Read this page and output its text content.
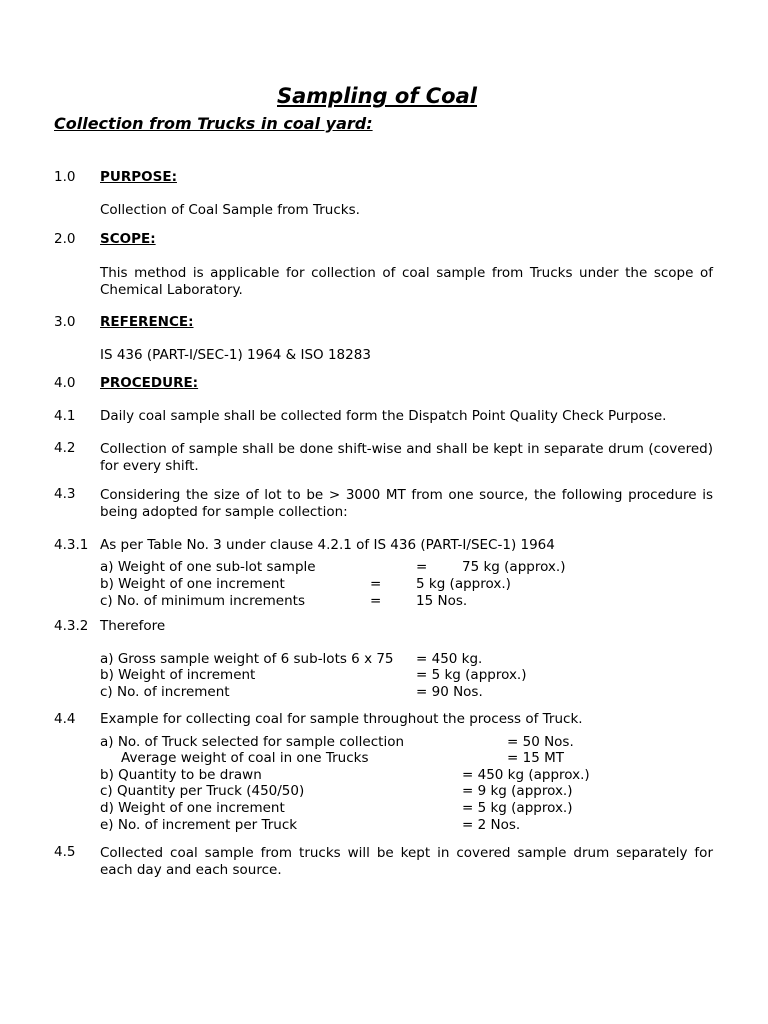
Sampling of Coal
Collection from Trucks in coal yard:
1.0 PURPOSE:
Collection of Coal Sample from Trucks.
2.0 SCOPE:
This method is applicable for collection of coal sample from Trucks under the scope of Chemical Laboratory.
3.0 REFERENCE:
IS 436 (PART-I/SEC-1) 1964 & ISO 18283
4.0 PROCEDURE:
4.1 Daily coal sample shall be collected form the Dispatch Point Quality Check Purpose.
4.2 Collection of sample shall be done shift-wise and shall be kept in separate drum (covered) for every shift.
4.3 Considering the size of lot to be > 3000 MT from one source, the following procedure is being adopted for sample collection:
4.3.1 As per Table No. 3 under clause 4.2.1 of IS 436 (PART-I/SEC-1) 1964
a) Weight of one sub-lot sample	=	75 kg (approx.)
b) Weight of one increment	=	5 kg (approx.)
c) No. of minimum increments	=	15 Nos.
4.3.2 Therefore
a) Gross sample weight of 6 sub-lots 6 x 75 = 450 kg.
b) Weight of increment	= 5 kg (approx.)
c) No. of increment	= 90 Nos.
4.4 Example for collecting coal for sample throughout the process of Truck.
a) No. of Truck selected for sample collection	= 50 Nos.
Average weight of coal in one Trucks	= 15 MT
b) Quantity to be drawn	= 450 kg (approx.)
c) Quantity per Truck (450/50)	= 9 kg (approx.)
d) Weight of one increment	= 5 kg (approx.)
e) No. of increment per Truck	= 2 Nos.
4.5 Collected coal sample from trucks will be kept in covered sample drum separately for each day and each source.
